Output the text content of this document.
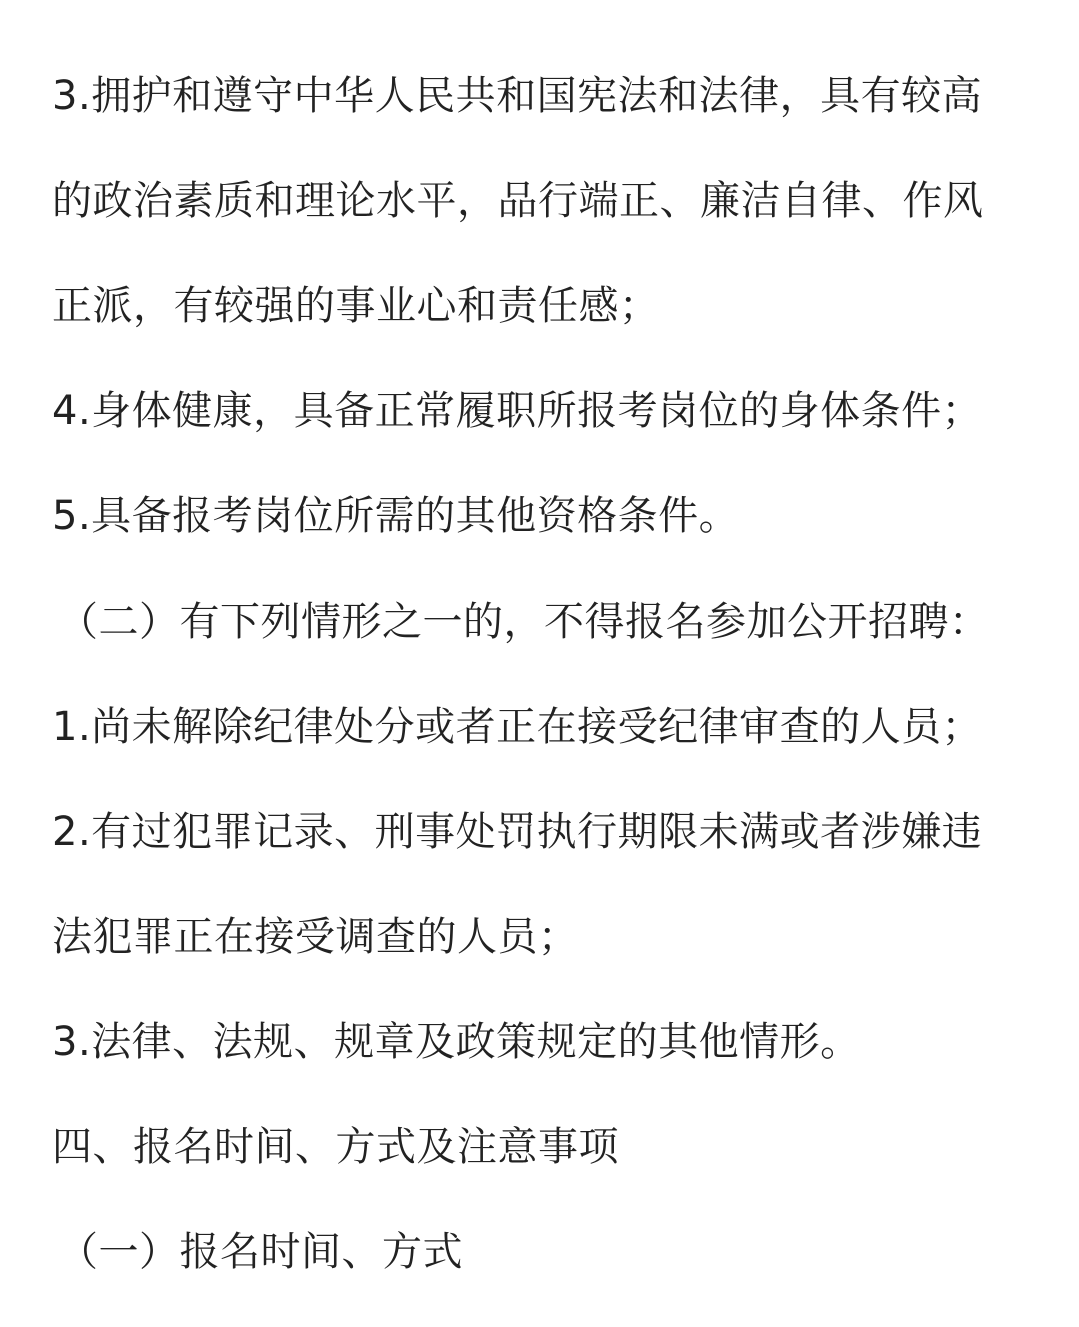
3.拥护和遵守中华人民共和国宪法和法律，具有较高
的政治素质和理论水平，品行端正、廉洁自律、作风
正派，有较强的事业心和责任感；
4.身体健康，具备正常履职所报考岗位的身体条件；
5.具备报考岗位所需的其他资格条件。
（二）有下列情形之一的，不得报名参加公开招聘：
1.尚未解除纪律处分或者正在接受纪律审查的人员；
2.有过犯罪记录、刑事处罚执行期限未满或者涉嫌违
法犯罪正在接受调查的人员；
3.法律、法规、规章及政策规定的其他情形。
四、报名时间、方式及注意事项
（一）报名时间、方式
